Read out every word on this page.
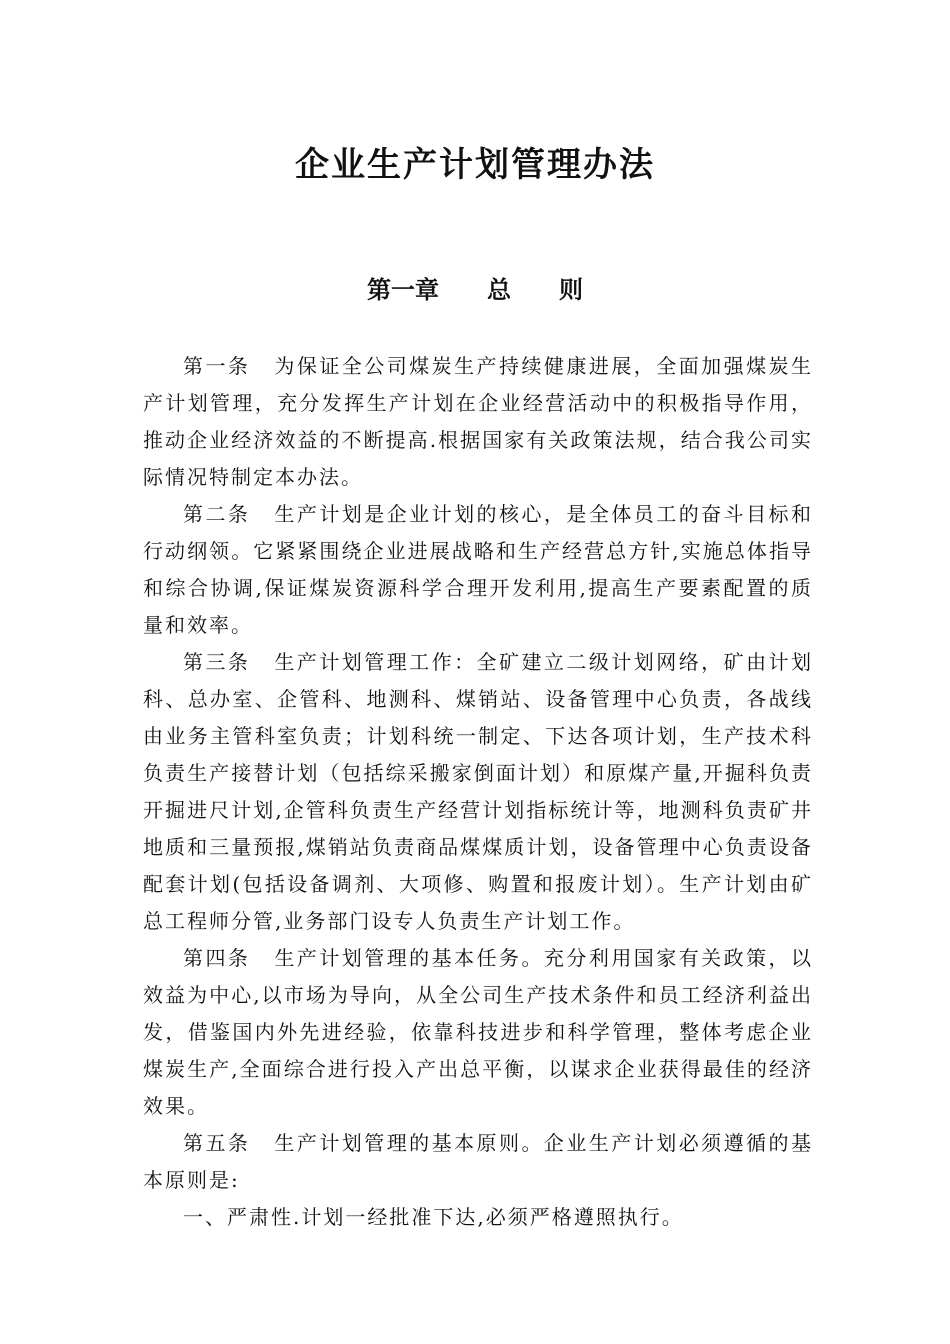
企业生产计划管理办法
第一章　　总　　则

第一条 为保证全公司煤炭生产持续健康进展，全面加强煤炭生产计划管理，充分发挥生产计划在企业经营活动中的积极指导作用，推动企业经济效益的不断提高.根据国家有关政策法规，结合我公司实际情况特制定本办法。

第二条 生产计划是企业计划的核心，是全体员工的奋斗目标和行动纲领。它紧紧围绕企业进展战略和生产经营总方针,实施总体指导和综合协调,保证煤炭资源科学合理开发利用,提高生产要素配置的质量和效率。

第三条 生产计划管理工作：全矿建立二级计划网络，矿由计划科、总办室、企管科、地测科、煤销站、设备管理中心负责，各战线由业务主管科室负责；计划科统一制定、下达各项计划，生产技术科负责生产接替计划（包括综采搬家倒面计划）和原煤产量,开掘科负责开掘进尺计划,企管科负责生产经营计划指标统计等，地测科负责矿井地质和三量预报,煤销站负责商品煤煤质计划，设备管理中心负责设备配套计划(包括设备调剂、大项修、购置和报废计划）。生产计划由矿总工程师分管,业务部门设专人负责生产计划工作。

第四条 生产计划管理的基本任务。充分利用国家有关政策，以效益为中心,以市场为导向，从全公司生产技术条件和员工经济利益出发，借鉴国内外先进经验，依靠科技进步和科学管理，整体考虑企业煤炭生产,全面综合进行投入产出总平衡，以谋求企业获得最佳的经济效果。

第五条 生产计划管理的基本原则。企业生产计划必须遵循的基本原则是:

一、严肃性.计划一经批准下达,必须严格遵照执行。
